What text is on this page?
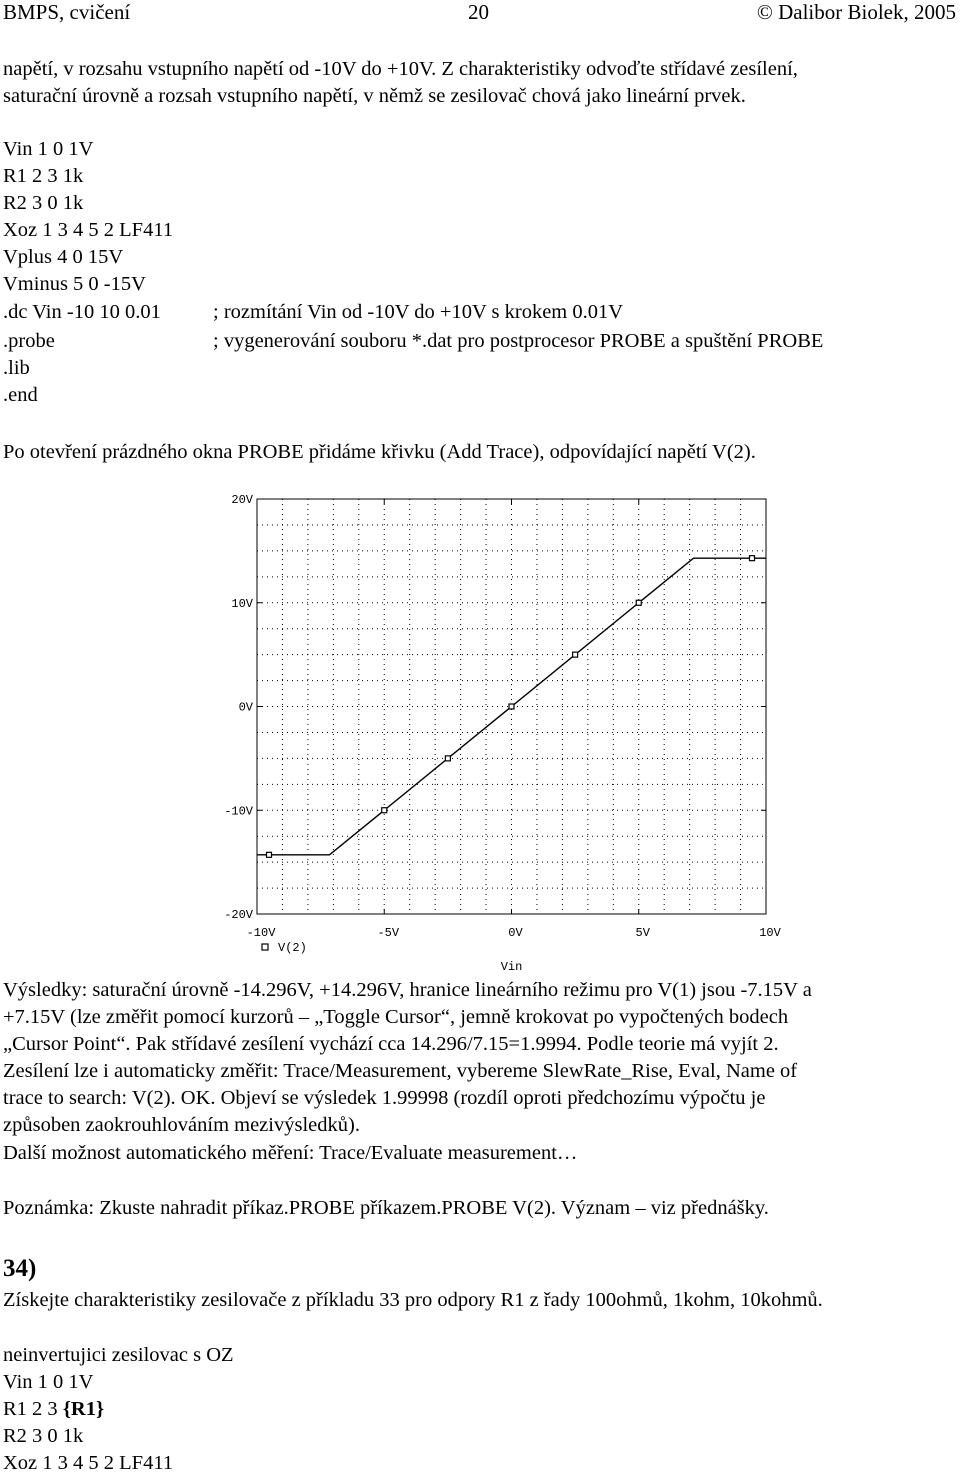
BMPS, cvičení	20	© Dalibor Biolek, 2005
napětí, v rozsahu vstupního napětí od -10V do +10V. Z charakteristiky odvoďte střídavé zesílení,
saturační úrovně a rozsah vstupního napětí, v němž se zesilovač chová jako lineární prvek.
Vin 1 0 1V
R1 2 3 1k
R2 3 0 1k
Xoz 1 3 4 5 2 LF411
Vplus 4 0 15V
Vminus 5 0 -15V
.dc Vin -10 10 0.01	; rozmítání Vin od -10V do +10V s krokem 0.01V
.probe	; vygenerování souboru *.dat pro postprocesor PROBE a spuštění PROBE
.lib
.end
Po otevření prázdného okna PROBE přidáme křivku (Add Trace), odpovídající napětí V(2).
-20V
-10V
0V
10V
20V
-10V	-5V	0V	5V	10V
Vin
V(2)
Výsledky: saturační úrovně -14.296V, +14.296V, hranice lineárního režimu pro V(1) jsou -7.15V a
+7.15V (lze změřit pomocí kurzorů – „Toggle Cursor“, jemně krokovat po vypočtených bodech
„Cursor Point“. Pak střídavé zesílení vychází cca 14.296/7.15=1.9994. Podle teorie má vyjít 2.
Zesílení lze i automaticky změřit: Trace/Measurement, vybereme SlewRate_Rise, Eval, Name of
trace to search: V(2). OK. Objeví se výsledek 1.99998 (rozdíl oproti předchozímu výpočtu je
způsoben zaokrouhlováním mezivýsledků).
Další možnost automatického měření: Trace/Evaluate measurement…
Poznámka: Zkuste nahradit příkaz.PROBE příkazem.PROBE V(2). Význam – viz přednášky.
34)
Získejte charakteristiky zesilovače z příkladu 33 pro odpory R1 z řady 100ohmů, 1kohm, 10kohmů.
neinvertujici zesilovac s OZ
Vin 1 0 1V
R1 2 3 {R1}
R2 3 0 1k
Xoz 1 3 4 5 2 LF411
